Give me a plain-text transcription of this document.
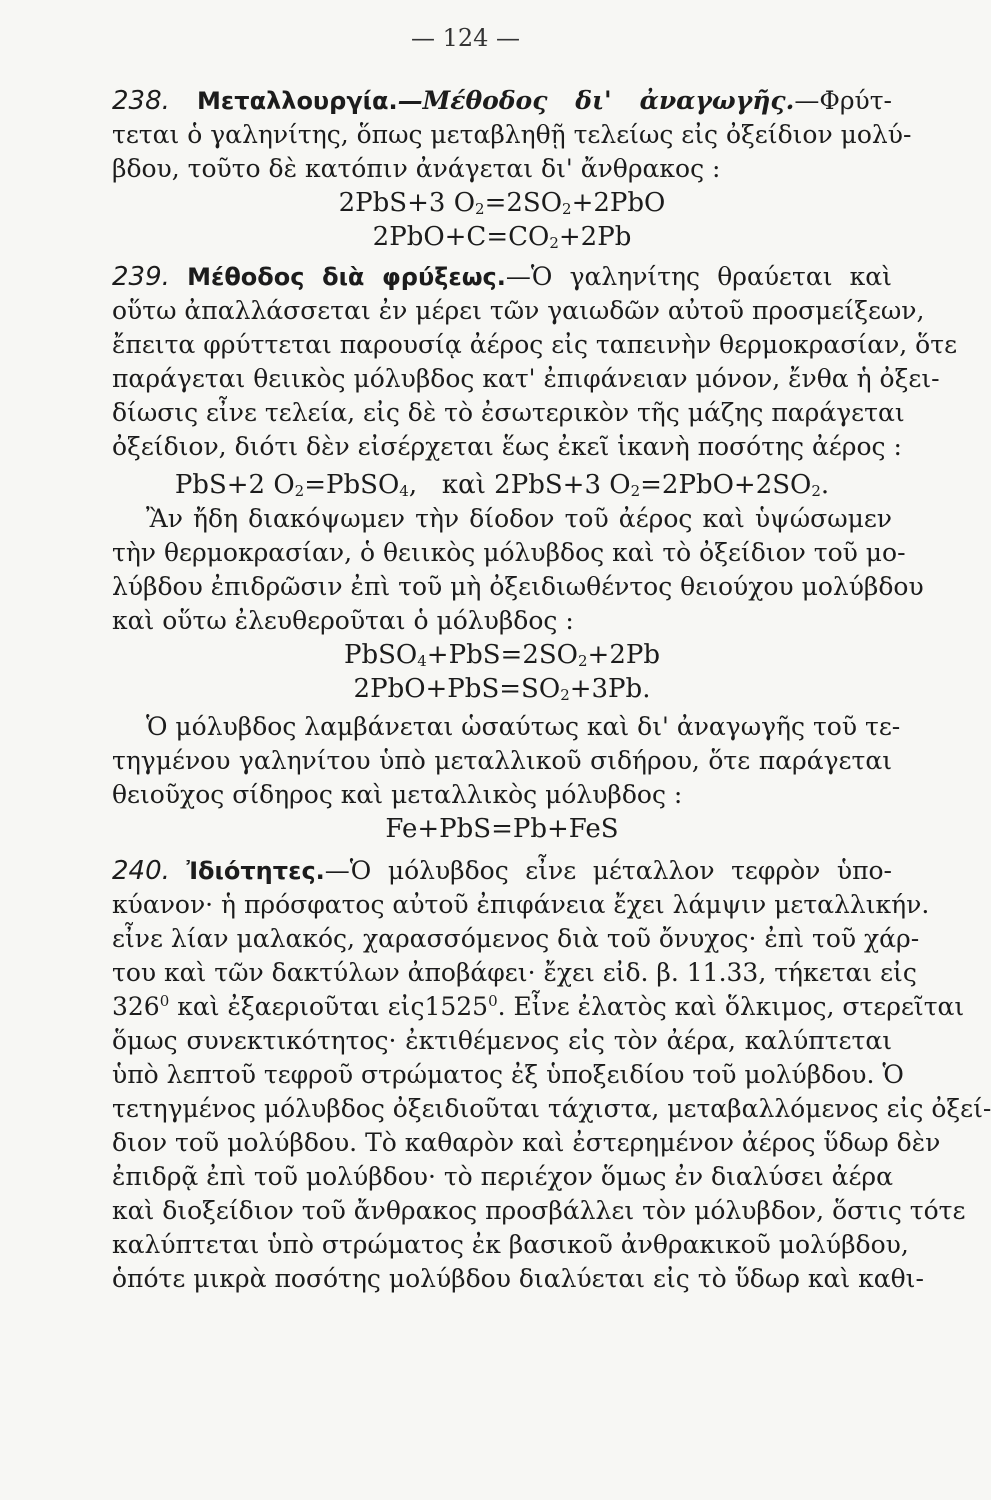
— 124 —
238. Μεταλλουργία.—Μέθοδος δι' ἀναγωγῆς.—Φρύτ-
τεται ὁ γαληνίτης, ὅπως μεταβληθῇ τελείως εἰς ὀξείδιον μολύ-
βδου, τοῦτο δὲ κατόπιν ἀνάγεται δι' ἄνθρακος :
2PbS+3 $O_2=2SO_2+2PbO$
$2PbO+C=CO_2+2Pb$
239. Μέθοδος διὰ φρύξεως.—Ὁ γαληνίτης θραύεται καὶ
οὕτω ἀπαλλάσσεται ἐν μέρει τῶν γαιωδῶν αὐτοῦ προσμείξεων,
ἔπειτα φρύττεται παρουσίᾳ ἀέρος εἰς ταπεινὴν θερμοκρασίαν, ὅτε
παράγεται θειικὸς μόλυβδος κατ' ἐπιφάνειαν μόνον, ἔνθα ἡ ὀξει-
δίωσις εἶνε τελεία, εἰς δὲ τὸ ἐσωτερικὸν τῆς μάζης παράγεται
ὀξείδιον, διότι δὲν εἰσέρχεται ἕως ἐκεῖ ἱκανὴ ποσότης ἀέρος :
PbS+2 $O_2=PbSO_4$, καὶ 2PbS+3 $O_2=2PbO+2SO_2$.
Ἂν ἤδη διακόψωμεν τὴν δίοδον τοῦ ἀέρος καὶ ὑψώσωμεν
τὴν θερμοκρασίαν, ὁ θειικὸς μόλυβδος καὶ τὸ ὀξείδιον τοῦ μο-
λύβδου ἐπιδρῶσιν ἐπὶ τοῦ μὴ ὀξειδιωθέντος θειούχου μολύβδου
καὶ οὕτω ἐλευθεροῦται ὁ μόλυβδος :
$PbSO_4+PbS=2SO_2+2Pb$
$2PbO+PbS=SO_2+3Pb$.
Ὁ μόλυβδος λαμβάνεται ὡσαύτως καὶ δι' ἀναγωγῆς τοῦ τε-
τηγμένου γαληνίτου ὑπὸ μεταλλικοῦ σιδήρου, ὅτε παράγεται
θειοῦχος σίδηρος καὶ μεταλλικὸς μόλυβδος :
Fe+PbS=Pb+FeS
240. Ἰδιότητες.—Ὁ μόλυβδος εἶνε μέταλλον τεφρὸν ὑπο-
κύανον· ἡ πρόσφατος αὐτοῦ ἐπιφάνεια ἔχει λάμψιν μεταλλικήν.
εἶνε λίαν μαλακός, χαρασσόμενος διὰ τοῦ ὄνυχος· ἐπὶ τοῦ χάρ-
του καὶ τῶν δακτύλων ἀποβάφει· ἔχει εἰδ. β. 11.33, τήκεται εἰς
$326^0$ καὶ ἐξαεριοῦται εἰς1525$^0$. Εἶνε ἐλατὸς καὶ ὅλκιμος, στερεῖται
ὅμως συνεκτικότητος· ἐκτιθέμενος εἰς τὸν ἀέρα, καλύπτεται
ὑπὸ λεπτοῦ τεφροῦ στρώματος ἐξ ὑποξειδίου τοῦ μολύβδου. Ὁ
τετηγμένος μόλυβδος ὀξειδιοῦται τάχιστα, μεταβαλλόμενος εἰς ὀξεί-
διον τοῦ μολύβδου. Τὸ καθαρὸν καὶ ἐστερημένον ἀέρος ὕδωρ δὲν
ἐπιδρᾷ ἐπὶ τοῦ μολύβδου· τὸ περιέχον ὅμως ἐν διαλύσει ἀέρα
καὶ διοξείδιον τοῦ ἄνθρακος προσβάλλει τὸν μόλυβδον, ὅστις τότε
καλύπτεται ὑπὸ στρώματος ἐκ βασικοῦ ἀνθρακικοῦ μολύβδου,
ὁπότε μικρὰ ποσότης μολύβδου διαλύεται εἰς τὸ ὕδωρ καὶ καθι-
